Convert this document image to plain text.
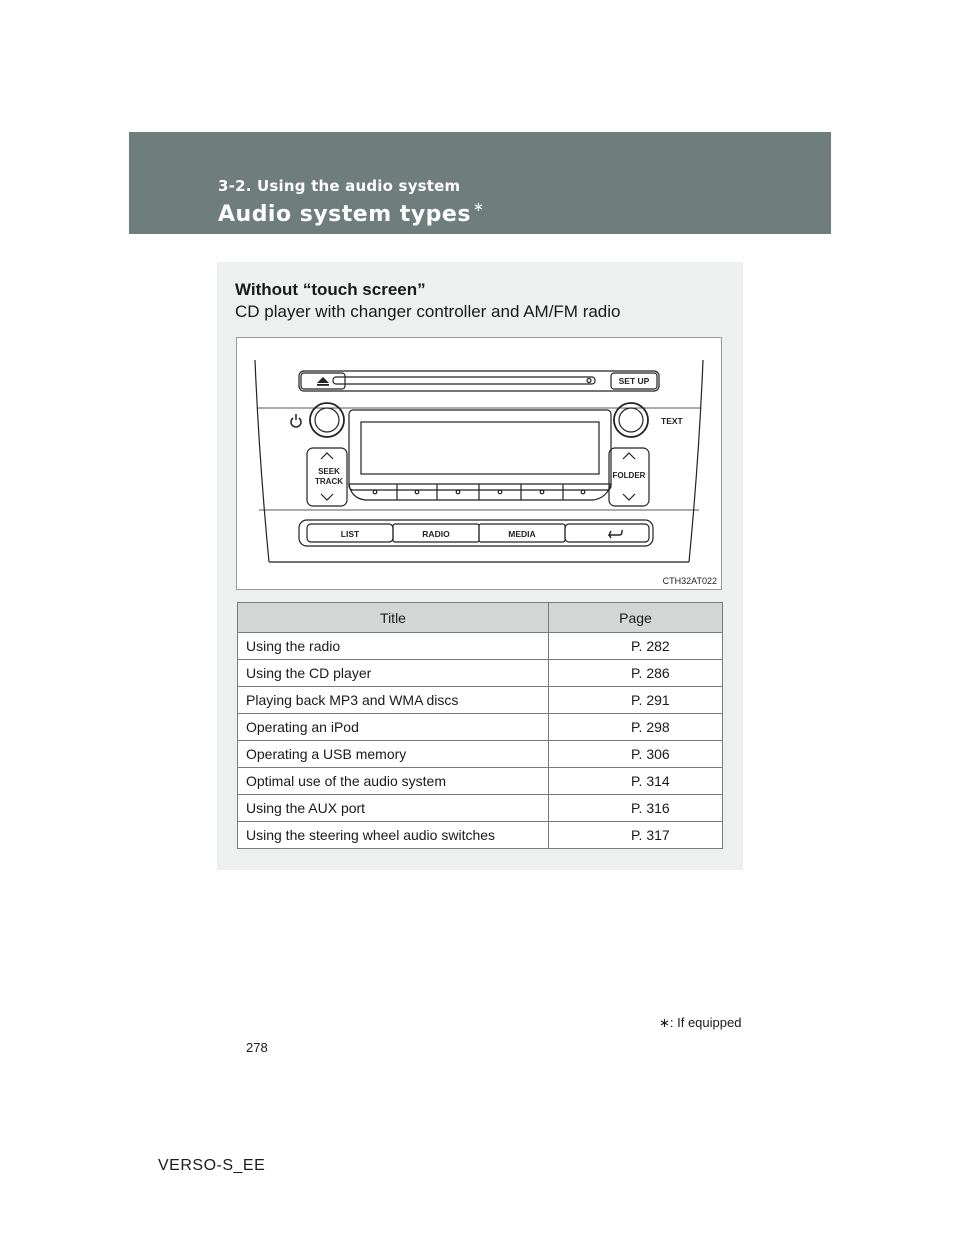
3-2. Using the audio system
Audio system types ∗
Without “touch screen”
CD player with changer controller and AM/FM radio
SET UP
TEXT
SEEK
TRACK
FOLDER
LIST	RADIO	MEDIA
CTH32AT022
Title	Page
Using the radio	P. 282
Using the CD player	P. 286
Playing back MP3 and WMA discs	P. 291
Operating an iPod	P. 298
Operating a USB memory	P. 306
Optimal use of the audio system	P. 314
Using the AUX port	P. 316
Using the steering wheel audio switches	P. 317
∗: If equipped
278
VERSO-S_EE
